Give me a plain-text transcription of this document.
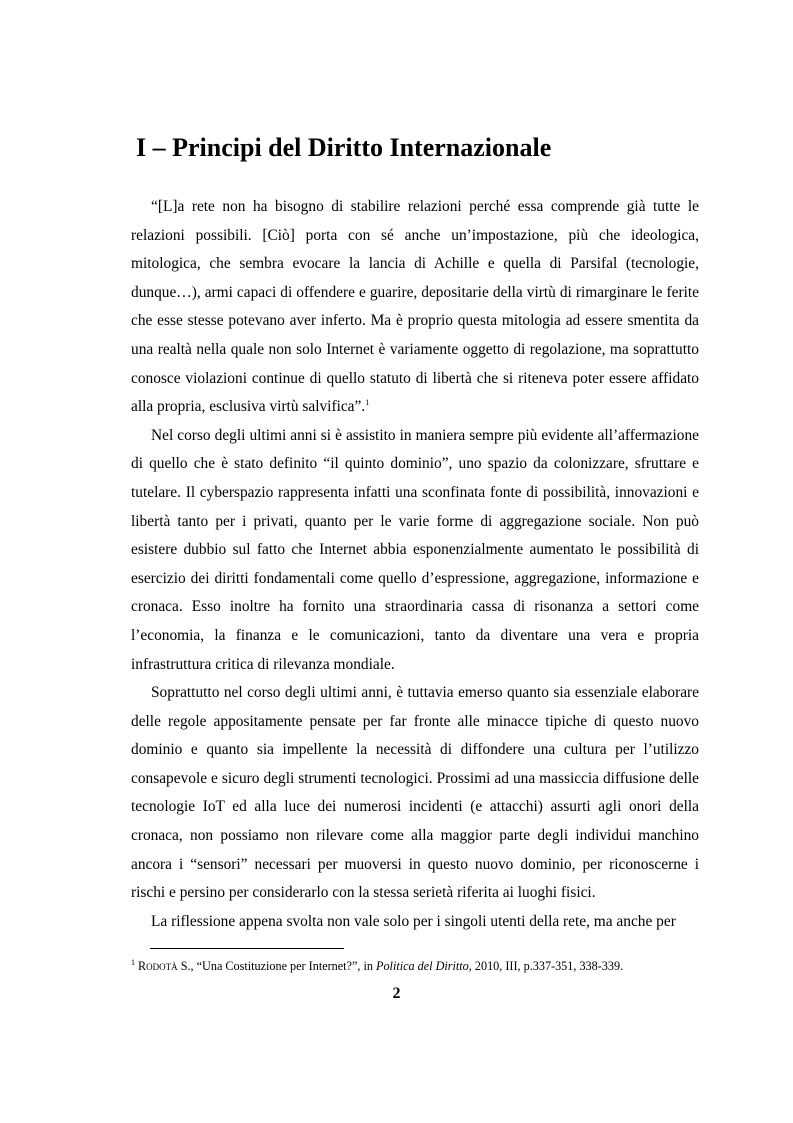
I – Principi del Diritto Internazionale

“[L]a rete non ha bisogno di stabilire relazioni perché essa comprende già tutte le relazioni possibili. [Ciò] porta con sé anche un’impostazione, più che ideologica, mitologica, che sembra evocare la lancia di Achille e quella di Parsifal (tecnologie, dunque…), armi capaci di offendere e guarire, depositarie della virtù di rimarginare le ferite che esse stesse potevano aver inferto. Ma è proprio questa mitologia ad essere smentita da una realtà nella quale non solo Internet è variamente oggetto di regolazione, ma soprattutto conosce violazioni continue di quello statuto di libertà che si riteneva poter essere affidato alla propria, esclusiva virtù salvifica”.$^1$

Nel corso degli ultimi anni si è assistito in maniera sempre più evidente all’affermazione di quello che è stato definito “il quinto dominio”, uno spazio da colonizzare, sfruttare e tutelare. Il cyberspazio rappresenta infatti una sconfinata fonte di possibilità, innovazioni e libertà tanto per i privati, quanto per le varie forme di aggregazione sociale. Non può esistere dubbio sul fatto che Internet abbia esponenzialmente aumentato le possibilità di esercizio dei diritti fondamentali come quello d’espressione, aggregazione, informazione e cronaca. Esso inoltre ha fornito una straordinaria cassa di risonanza a settori come l’economia, la finanza e le comunicazioni, tanto da diventare una vera e propria infrastruttura critica di rilevanza mondiale.

Soprattutto nel corso degli ultimi anni, è tuttavia emerso quanto sia essenziale elaborare delle regole appositamente pensate per far fronte alle minacce tipiche di questo nuovo dominio e quanto sia impellente la necessità di diffondere una cultura per l’utilizzo consapevole e sicuro degli strumenti tecnologici. Prossimi ad una massiccia diffusione delle tecnologie IoT ed alla luce dei numerosi incidenti (e attacchi) assurti agli onori della cronaca, non possiamo non rilevare come alla maggior parte degli individui manchino ancora i “sensori” necessari per muoversi in questo nuovo dominio, per riconoscerne i rischi e persino per considerarlo con la stessa serietà riferita ai luoghi fisici.

La riflessione appena svolta non vale solo per i singoli utenti della rete, ma anche per

$^1$ Rodotà S., “Una Costituzione per Internet?”, in Politica del Diritto, 2010, III, p.337-351, 338-339.

2
